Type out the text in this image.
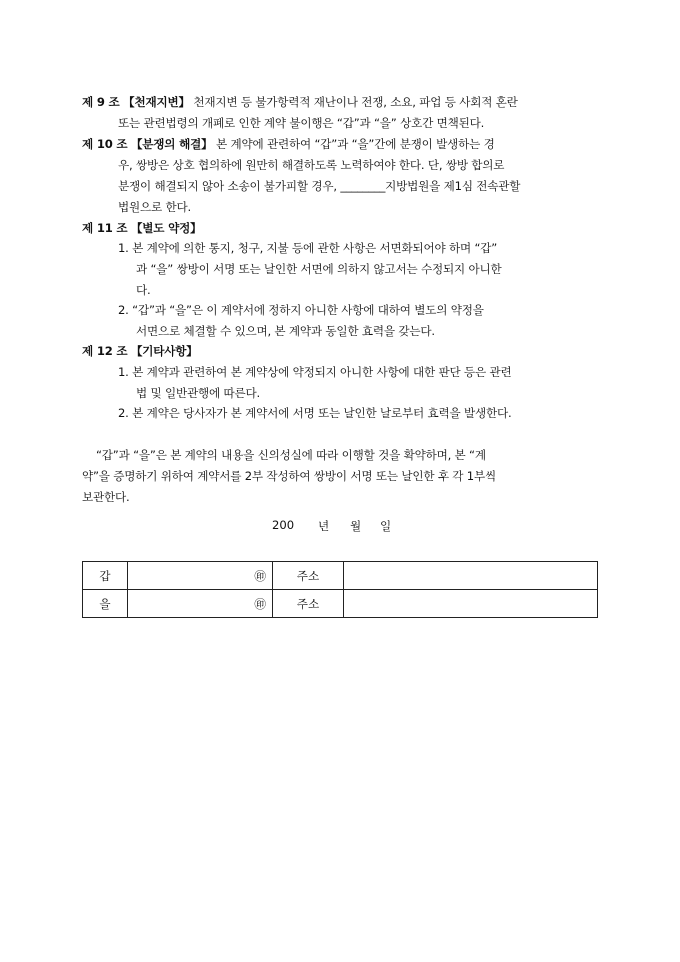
제 9 조 【천재지변】 천재지변 등 불가항력적 재난이나 전쟁, 소요, 파업 등 사회적 혼란
또는 관련법령의 개폐로 인한 계약 불이행은 “갑”과 “을” 상호간 면책된다.
제 10 조 【분쟁의 해결】 본 계약에 관련하여 “갑”과 “을”간에 분쟁이 발생하는 경
우, 쌍방은 상호 협의하에 원만히 해결하도록 노력하여야 한다. 단, 쌍방 합의로
분쟁이 해결되지 않아 소송이 불가피할 경우, ________지방법원을 제1심 전속관할
법원으로 한다.
제 11 조 【별도 약정】
1. 본 계약에 의한 통지, 청구, 지불 등에 관한 사항은 서면화되어야 하며 “갑”
과 “을” 쌍방이 서명 또는 날인한 서면에 의하지 않고서는 수정되지 아니한
다.
2. “갑”과 “을”은 이 계약서에 정하지 아니한 사항에 대하여 별도의 약정을
서면으로 체결할 수 있으며, 본 계약과 동일한 효력을 갖는다.
제 12 조 【기타사항】
1. 본 계약과 관련하여 본 계약상에 약정되지 아니한 사항에 대한 판단 등은 관련
법 및 일반관행에 따른다.
2. 본 계약은 당사자가 본 계약서에 서명 또는 날인한 날로부터 효력을 발생한다.
“갑”과 “을”은 본 계약의 내용을 신의성실에 따라 이행할 것을 확약하며, 본 “계
약”을 증명하기 위하여 계약서를 2부 작성하여 쌍방이 서명 또는 날인한 후 각 1부씩
보관한다.
200 년 월 일
갑	㊞	주소	
을	㊞	주소	
